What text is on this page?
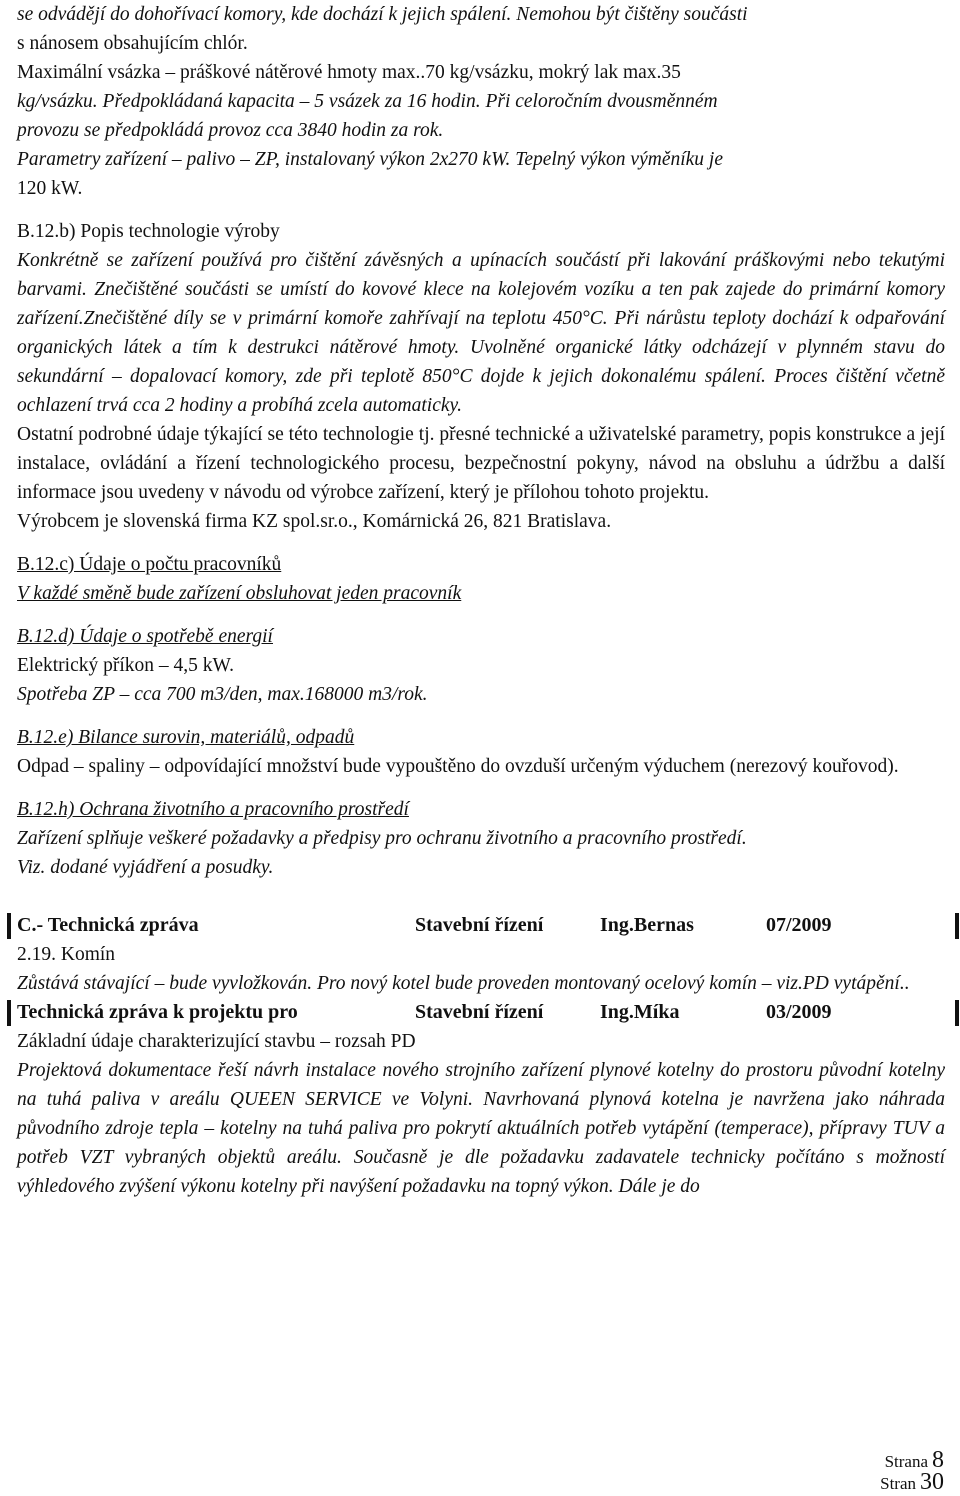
se odvádějí do dohořívací komory, kde dochází k jejich spálení. Nemohou být čištěny součásti

s nánosem obsahujícím chlór.

Maximální vsázka – práškové nátěrové hmoty max..70 kg/vsázku, mokrý lak max.35

kg/vsázku. Předpokládaná kapacita – 5 vsázek za 16 hodin. Při celoročním dvousměnném

provozu se předpokládá provoz cca 3840 hodin za rok.

Parametry zařízení – palivo – ZP, instalovaný výkon 2x270 kW. Tepelný výkon výměníku je

120 kW.

B.12.b) Popis technologie výroby

Konkrétně se zařízení používá pro čištění závěsných a upínacích součástí při lakování práškovými nebo tekutými barvami. Znečištěné součásti se umístí do kovové klece na kolejovém vozíku a ten pak zajede do primární komory zařízení.Znečištěné díly se v primární komoře zahřívají na teplotu 450°C. Při nárůstu teploty dochází k odpařování organických látek a tím k destrukci nátěrové hmoty. Uvolněné organické látky odcházejí v plynném stavu do sekundární – dopalovací komory, zde při teplotě 850°C dojde k jejich dokonalému spálení. Proces čištění včetně ochlazení trvá cca 2 hodiny a probíhá zcela automaticky.

Ostatní podrobné údaje týkající se této technologie tj. přesné technické a uživatelské parametry, popis konstrukce a její instalace, ovládání a řízení technologického procesu, bezpečnostní pokyny, návod na obsluhu a údržbu a další informace jsou uvedeny v návodu od výrobce zařízení, který je přílohou tohoto projektu.

Výrobcem je slovenská firma KZ spol.sr.o., Komárnická 26, 821 Bratislava.

B.12.c) Údaje o počtu pracovníků

V každé směně bude zařízení obsluhovat jeden pracovník

B.12.d) Údaje o spotřebě energií

Elektrický příkon – 4,5 kW.

Spotřeba ZP – cca 700 m3/den, max.168000 m3/rok.

B.12.e) Bilance surovin, materiálů, odpadů

Odpad – spaliny – odpovídající množství bude vypouštěno do ovzduší určeným výduchem (nerezový kouřovod).

B.12.h) Ochrana životního a pracovního prostředí

Zařízení splňuje veškeré požadavky a předpisy pro ochranu životního a pracovního prostředí.

Viz. dodané vyjádření a posudky.

C.- Technická zpráva	Stavební řízení	Ing.Bernas	07/2009

2.19. Komín

Zůstává stávající – bude vyvložkován. Pro nový kotel bude proveden montovaný ocelový komín – viz.PD vytápění..

Technická zpráva k projektu pro	Stavební řízení	Ing.Míka	03/2009

Základní údaje charakterizující stavbu – rozsah PD

Projektová dokumentace řeší návrh instalace nového strojního zařízení plynové kotelny do prostoru původní kotelny na tuhá paliva v areálu QUEEN SERVICE ve Volyni. Navrhovaná plynová kotelna je navržena jako náhrada původního zdroje tepla – kotelny na tuhá paliva pro pokrytí aktuálních potřeb vytápění (temperace), přípravy TUV a potřeb VZT vybraných objektů areálu. Současně je dle požadavku zadavatele technicky počítáno s možností výhledového zvýšení výkonu kotelny při navýšení požadavku na topný výkon. Dále je do

Strana 8
Stran 30
